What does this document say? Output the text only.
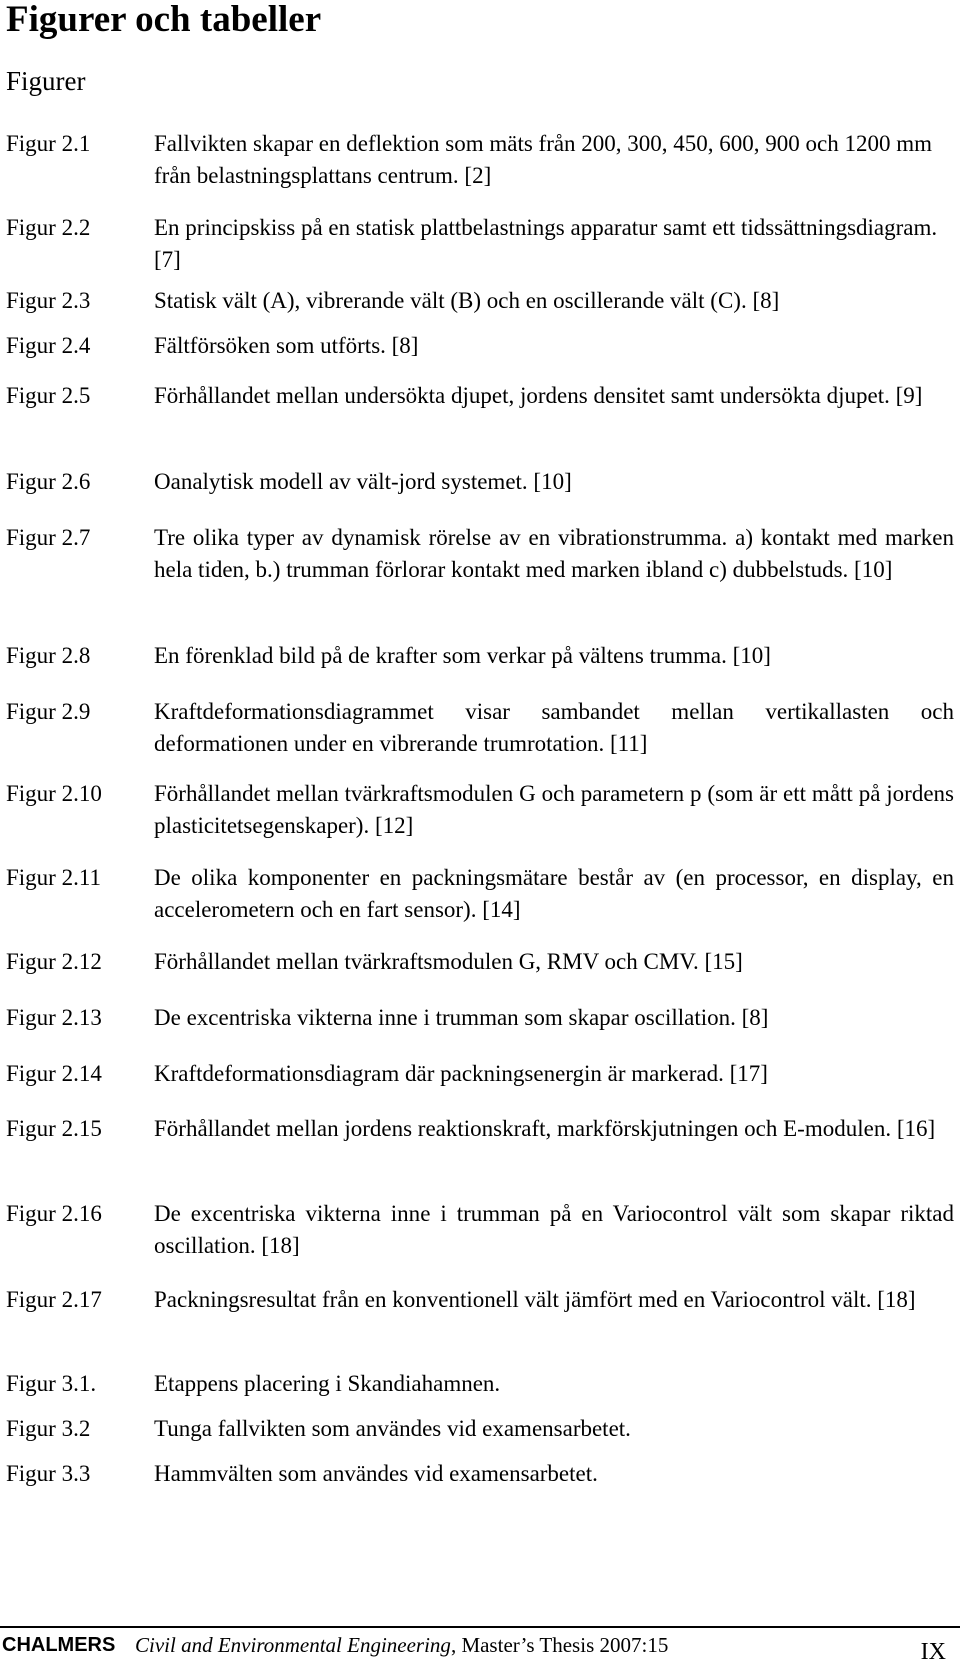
Figurer och tabeller
Figurer
Figur 2.1	Fallvikten skapar en deflektion som mäts från 200, 300, 450, 600, 900 och 1200 mm från belastningsplattans centrum. [2]
Figur 2.2	En principskiss på en statisk plattbelastnings apparatur samt ett tidssättningsdiagram. [7]
Figur 2.3	Statisk vält (A), vibrerande vält (B) och en oscillerande vält (C). [8]
Figur 2.4	Fältförsöken som utförts. [8]
Figur 2.5	Förhållandet mellan undersökta djupet, jordens densitet samt undersökta djupet. [9]
Figur 2.6	Oanalytisk modell av vält-jord systemet. [10]
Figur 2.7	Tre olika typer av dynamisk rörelse av en vibrationstrumma. a) kontakt med marken hela tiden, b.) trumman förlorar kontakt med marken ibland c) dubbelstuds. [10]
Figur 2.8	En förenklad bild på de krafter som verkar på vältens trumma. [10]
Figur 2.9	Kraftdeformationsdiagrammet visar sambandet mellan vertikallasten och deformationen under en vibrerande trumrotation. [11]
Figur 2.10 Förhållandet mellan tvärkraftsmodulen G och parametern p (som är ett mått på jordens plasticitetsegenskaper). [12]
Figur 2.11 De olika komponenter en packningsmätare består av (en processor, en display, en accelerometern och en fart sensor). [14]
Figur 2.12 Förhållandet mellan tvärkraftsmodulen G, RMV och CMV. [15]
Figur 2.13 De excentriska vikterna inne i trumman som skapar oscillation. [8]
Figur 2.14 Kraftdeformationsdiagram där packningsenergin är markerad. [17]
Figur 2.15 Förhållandet mellan jordens reaktionskraft, markförskjutningen och E-modulen. [16]
Figur 2.16 De excentriska vikterna inne i trumman på en Variocontrol vält som skapar riktad oscillation. [18]
Figur 2.17 Packningsresultat från en konventionell vält jämfört med en Variocontrol vält. [18]
Figur 3.1.	Etappens placering i Skandiahamnen.
Figur 3.2	Tunga fallvikten som användes vid examensarbetet.
Figur 3.3	Hammvälten som användes vid examensarbetet.
CHALMERS Civil and Environmental Engineering, Master’s Thesis 2007:15	IX
